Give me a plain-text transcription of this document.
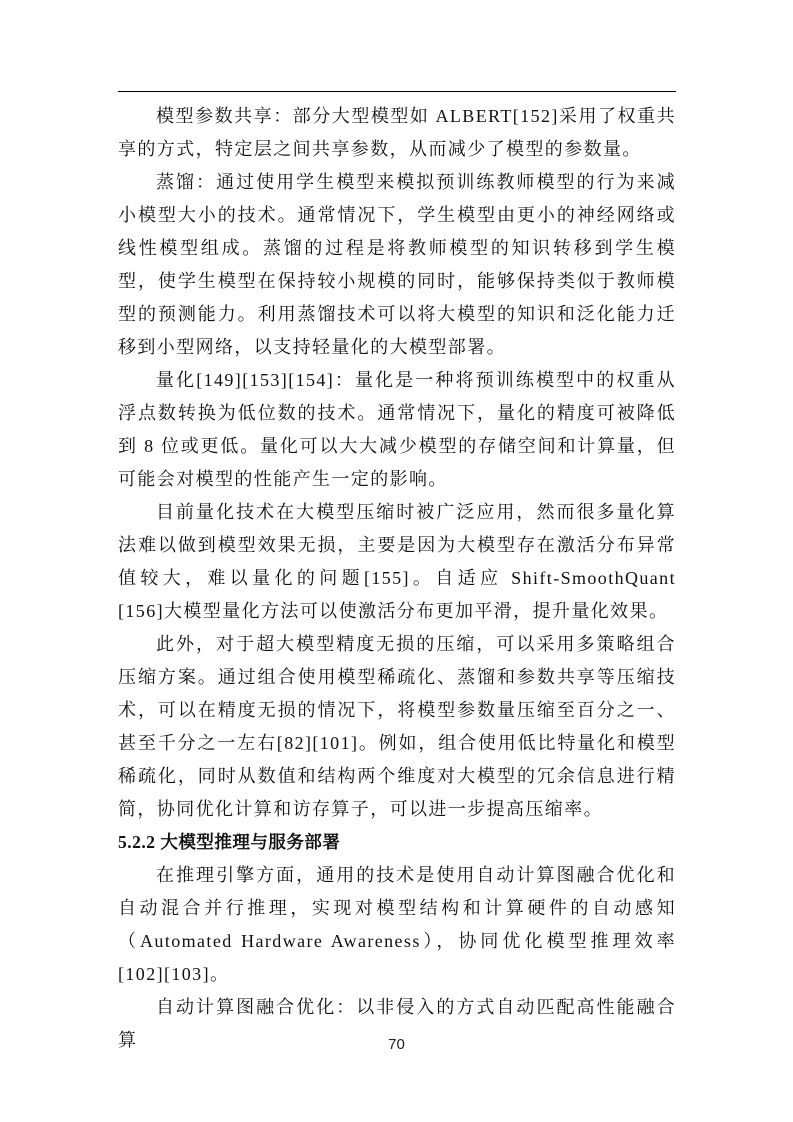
模型参数共享：部分大型模型如 ALBERT[152]采用了权重共享的方式，特定层之间共享参数，从而减少了模型的参数量。

蒸馏：通过使用学生模型来模拟预训练教师模型的行为来减小模型大小的技术。通常情况下，学生模型由更小的神经网络或线性模型组成。蒸馏的过程是将教师模型的知识转移到学生模型，使学生模型在保持较小规模的同时，能够保持类似于教师模型的预测能力。利用蒸馏技术可以将大模型的知识和泛化能力迁移到小型网络，以支持轻量化的大模型部署。

量化[149][153][154]：量化是一种将预训练模型中的权重从浮点数转换为低位数的技术。通常情况下，量化的精度可被降低到 8 位或更低。量化可以大大减少模型的存储空间和计算量，但可能会对模型的性能产生一定的影响。

目前量化技术在大模型压缩时被广泛应用，然而很多量化算法难以做到模型效果无损，主要是因为大模型存在激活分布异常值较大，难以量化的问题[155]。自适应 Shift-SmoothQuant [156]大模型量化方法可以使激活分布更加平滑，提升量化效果。

此外，对于超大模型精度无损的压缩，可以采用多策略组合压缩方案。通过组合使用模型稀疏化、蒸馏和参数共享等压缩技术，可以在精度无损的情况下，将模型参数量压缩至百分之一、甚至千分之一左右[82][101]。例如，组合使用低比特量化和模型稀疏化，同时从数值和结构两个维度对大模型的冗余信息进行精简，协同优化计算和访存算子，可以进一步提高压缩率。

5.2.2 大模型推理与服务部署

在推理引擎方面，通用的技术是使用自动计算图融合优化和自动混合并行推理，实现对模型结构和计算硬件的自动感知（Automated Hardware Awareness），协同优化模型推理效率[102][103]。

自动计算图融合优化：以非侵入的方式自动匹配高性能融合算	70
